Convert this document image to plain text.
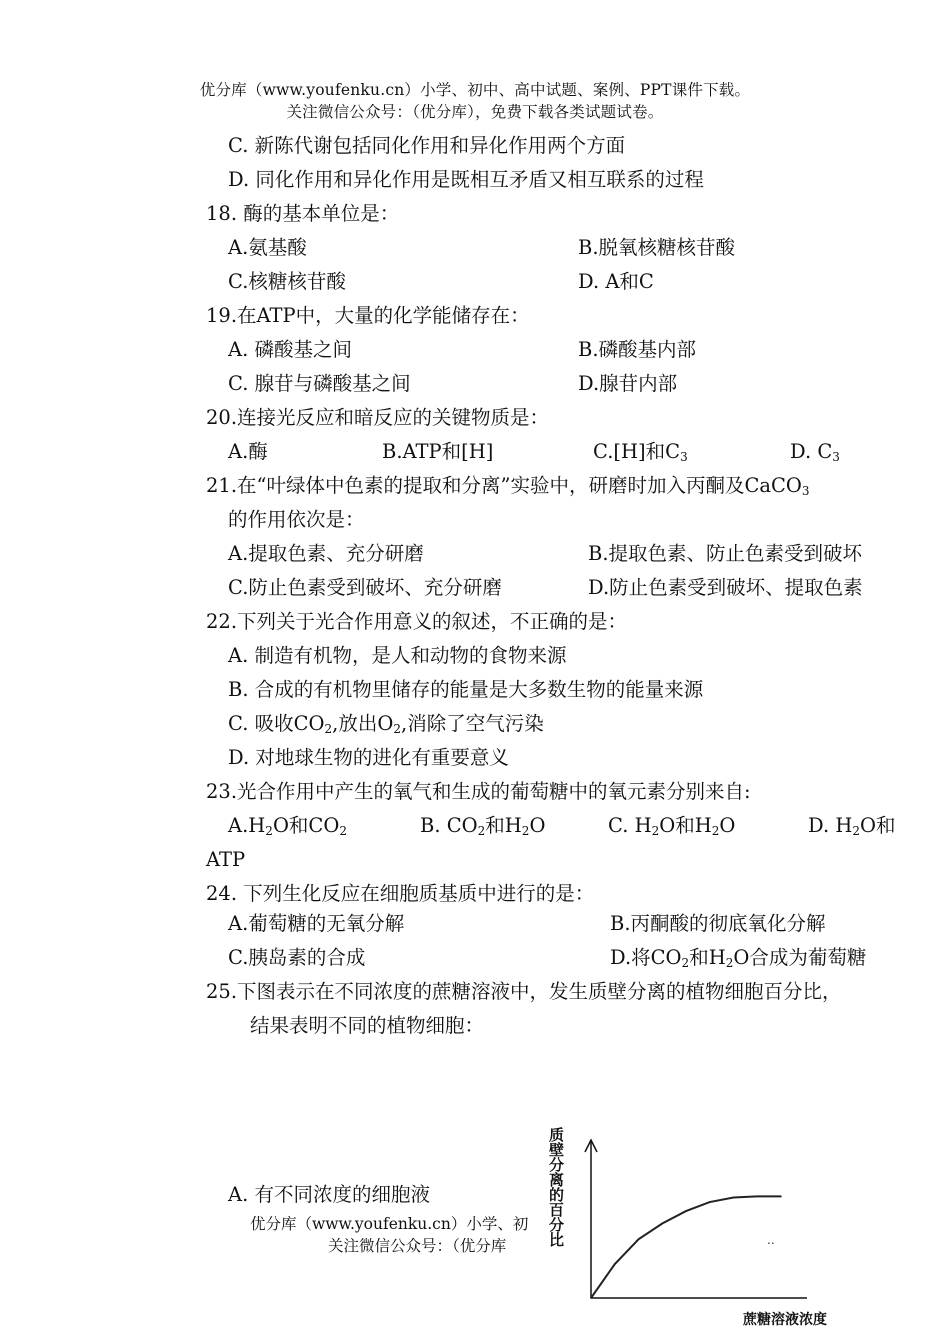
优分库（www.youfenku.cn）小学、初中、高中试题、案例、PPT课件下载。
关注微信公众号：（优分库），免费下载各类试题试卷。
C. 新陈代谢包括同化作用和异化作用两个方面
D. 同化作用和异化作用是既相互矛盾又相互联系的过程
18. 酶的基本单位是：
A.氨基酸	B.脱氧核糖核苷酸
C.核糖核苷酸	D. A和C
19.在ATP中，大量的化学能储存在：
A. 磷酸基之间	B.磷酸基内部
C. 腺苷与磷酸基之间	D.腺苷内部
20.连接光反应和暗反应的关键物质是：
A.酶	B.ATP和[H]	C.[H]和$C_3$	D. $C_3$
21.在“叶绿体中色素的提取和分离”实验中，研磨时加入丙酮及CaCO$_3$
的作用依次是：
A.提取色素、充分研磨	B.提取色素、防止色素受到破坏
C.防止色素受到破坏、充分研磨	D.防止色素受到破坏、提取色素
22.下列关于光合作用意义的叙述，不正确的是：
A. 制造有机物，是人和动物的食物来源
B. 合成的有机物里储存的能量是大多数生物的能量来源
C. 吸收$CO_2$,放出$O_2$,消除了空气污染
D. 对地球生物的进化有重要意义
23.光合作用中产生的氧气和生成的葡萄糖中的氧元素分别来自:
$A.H_2O$和$CO_2$	B. $CO_2$和$H_2O$	C. $H_2O$和$H_2O$	D. $H_2O$和
ATP
24. 下列生化反应在细胞质基质中进行的是：
A.葡萄糖的无氧分解	B.丙酮酸的彻底氧化分解
C.胰岛素的合成	D.将$CO_2$和$H_2O$合成为葡萄糖
25.下图表示在不同浓度的蔗糖溶液中，发生质壁分离的植物细胞百分比，
结果表明不同的植物细胞：
A. 有不同浓度的细胞液
优分库（www.youfenku.cn）小学、初
关注微信公众号：（优分库
质壁分离的百分比	..
蔗糖溶液浓度
